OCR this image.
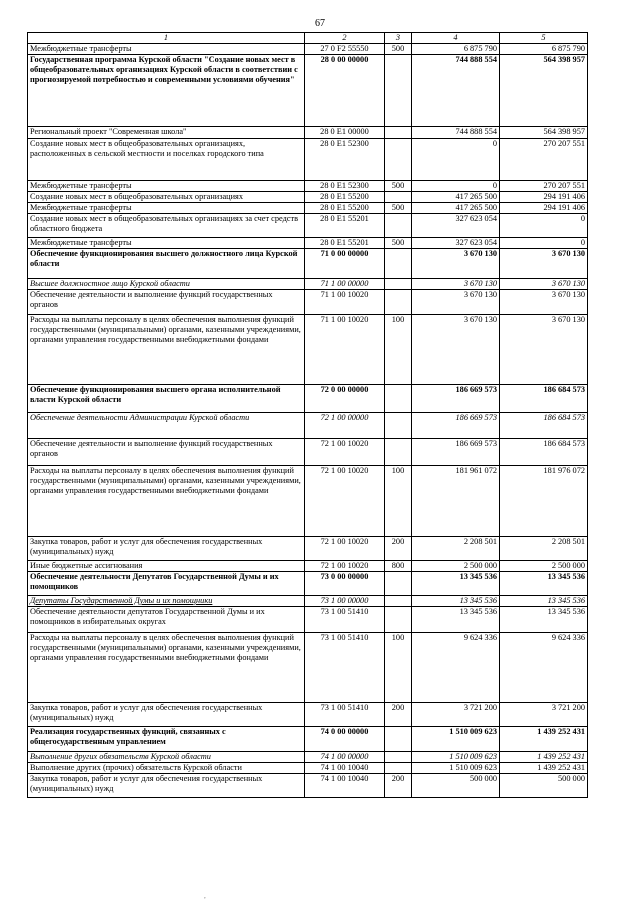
67
1	2	3	4	5
Межбюджетные трансферты	27 0 F2 55550	500	6 875 790	6 875 790
Государственная программа Курской области "Создание новых мест в общеобразовательных организациях Курской области в соответствии с прогнозируемой потребностью и современными условиями обучения"	28 0 00 00000		744 888 554	564 398 957
Региональный проект "Современная школа"	28 0 E1 00000		744 888 554	564 398 957
Создание новых мест в общеобразовательных организациях, расположенных в сельской местности и поселках городского типа	28 0 E1 52300		0	270 207 551
Межбюджетные трансферты	28 0 E1 52300	500	0	270 207 551
Создание новых мест в общеобразовательных организациях	28 0 E1 55200		417 265 500	294 191 406
Межбюджетные трансферты	28 0 E1 55200	500	417 265 500	294 191 406
Создание новых мест в общеобразовательных организациях за счет средств областного бюджета	28 0 E1 55201		327 623 054	0
Межбюджетные трансферты	28 0 E1 55201	500	327 623 054	0
Обеспечение функционирования высшего должностного лица Курской области	71 0 00 00000		3 670 130	3 670 130
Высшее должностное лицо Курской области	71 1 00 00000		3 670 130	3 670 130
Обеспечение деятельности и выполнение функций государственных органов	71 1 00 10020		3 670 130	3 670 130
Расходы на выплаты персоналу в целях обеспечения выполнения функций государственными (муниципальными) органами, казенными учреждениями, органами управления государственными внебюджетными фондами	71 1 00 10020	100	3 670 130	3 670 130
Обеспечение функционирования высшего органа исполнительной власти Курской области	72 0 00 00000		186 669 573	186 684 573
Обеспечение деятельности Администрации Курской области	72 1 00 00000		186 669 573	186 684 573
Обеспечение деятельности и выполнение функций государственных органов	72 1 00 10020		186 669 573	186 684 573
Расходы на выплаты персоналу в целях обеспечения выполнения функций государственными (муниципальными) органами, казенными учреждениями, органами управления государственными внебюджетными фондами	72 1 00 10020	100	181 961 072	181 976 072
Закупка товаров, работ и услуг для обеспечения государственных (муниципальных) нужд	72 1 00 10020	200	2 208 501	2 208 501
Иные бюджетные ассигнования	72 1 00 10020	800	2 500 000	2 500 000
Обеспечение деятельности Депутатов Государственной Думы и их помощников	73 0 00 00000		13 345 536	13 345 536
Депутаты Государственной Думы и их помощники	73 1 00 00000		13 345 536	13 345 536
Обеспечение деятельности депутатов Государственной Думы и их помощников в избирательных округах	73 1 00 51410		13 345 536	13 345 536
Расходы на выплаты персоналу в целях обеспечения выполнения функций государственными (муниципальными) органами, казенными учреждениями, органами управления государственными внебюджетными фондами	73 1 00 51410	100	9 624 336	9 624 336
Закупка товаров, работ и услуг для обеспечения государственных (муниципальных) нужд	73 1 00 51410	200	3 721 200	3 721 200
Реализация государственных функций, связанных с общегосударственным управлением	74 0 00 00000		1 510 009 623	1 439 252 431
Выполнение других обязательств Курской области	74 1 00 00000		1 510 009 623	1 439 252 431
Выполнение других (прочих) обязательств Курской области	74 1 00 10040		1 510 009 623	1 439 252 431
Закупка товаров, работ и услуг для обеспечения государственных (муниципальных) нужд	74 1 00 10040	200	500 000	500 000
,
